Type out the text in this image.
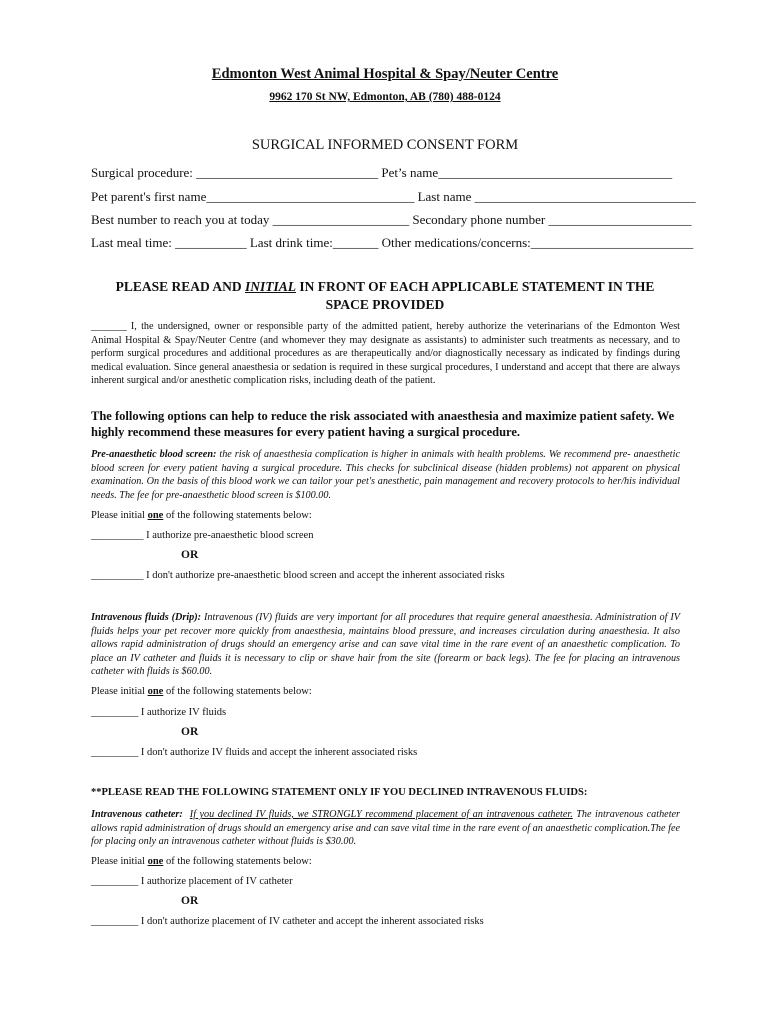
Edmonton West Animal Hospital & Spay/Neuter Centre
9962 170 St NW, Edmonton, AB (780) 488-0124
SURGICAL INFORMED CONSENT FORM
Surgical procedure: ____________________________ Pet’s name____________________________________
Pet parent's first name________________________________ Last name __________________________________
Best number to reach you at today _____________________ Secondary phone number ______________________
Last meal time: ___________ Last drink time:_______ Other medications/concerns:_________________________
PLEASE READ AND INITIAL IN FRONT OF EACH APPLICABLE STATEMENT IN THE SPACE PROVIDED
_______ I, the undersigned, owner or responsible party of the admitted patient, hereby authorize the veterinarians of the Edmonton West Animal Hospital & Spay/Neuter Centre (and whomever they may designate as assistants) to administer such treatments as necessary, and to perform surgical procedures and additional procedures as are therapeutically and/or diagnostically necessary as indicated by findings during medical evaluation. Since general anaesthesia or sedation is required in these surgical procedures, I understand and accept that there are always inherent surgical and/or anesthetic complication risks, including death of the patient.
The following options can help to reduce the risk associated with anaesthesia and maximize patient safety. We highly recommend these measures for every patient having a surgical procedure.
Pre-anaesthetic blood screen: the risk of anaesthesia complication is higher in animals with health problems. We recommend pre- anaesthetic blood screen for every patient having a surgical procedure. This checks for subclinical disease (hidden problems) not apparent on physical examination. On the basis of this blood work we can tailor your pet's anesthetic, pain management and recovery protocols to her/his individual needs. The fee for pre-anaesthetic blood screen is $100.00.
Please initial one of the following statements below:
__________ I authorize pre-anaesthetic blood screen
OR
__________ I don't authorize pre-anaesthetic blood screen and accept the inherent associated risks
Intravenous fluids (Drip): Intravenous (IV) fluids are very important for all procedures that require general anaesthesia. Administration of IV fluids helps your pet recover more quickly from anaesthesia, maintains blood pressure, and increases circulation during anaesthesia. It also allows rapid administration of drugs should an emergency arise and can save vital time in the rare event of an anaesthetic complication. To place an IV catheter and fluids it is necessary to clip or shave hair from the site (forearm or back legs). The fee for placing an intravenous catheter with fluids is $60.00.
Please initial one of the following statements below:
_________ I authorize IV fluids
OR
_________ I don't authorize IV fluids and accept the inherent associated risks
**PLEASE READ THE FOLLOWING STATEMENT ONLY IF YOU DECLINED INTRAVENOUS FLUIDS:
Intravenous catheter: If you declined IV fluids, we STRONGLY recommend placement of an intravenous catheter. The intravenous catheter allows rapid administration of drugs should an emergency arise and can save vital time in the rare event of an anaesthetic complication.The fee for placing only an intravenous catheter without fluids is $30.00.
Please initial one of the following statements below:
_________ I authorize placement of IV catheter
OR
_________ I don't authorize placement of IV catheter and accept the inherent associated risks
